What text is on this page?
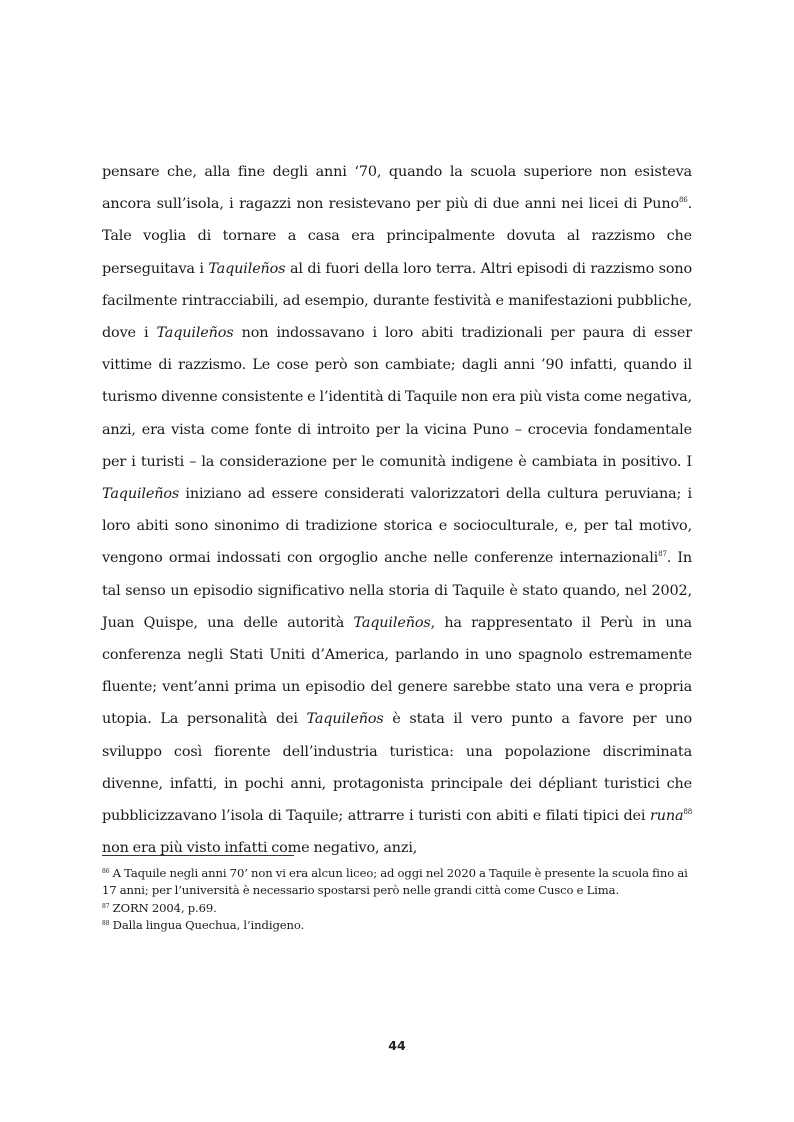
pensare che, alla fine degli anni ‘70, quando la scuola superiore non esisteva ancora sull’isola, i ragazzi non resistevano per più di due anni nei licei di Puno$^{86}$. Tale voglia di tornare a casa era principalmente dovuta al razzismo che perseguitava i Taquileños al di fuori della loro terra. Altri episodi di razzismo sono facilmente rintracciabili, ad esempio, durante festività e manifestazioni pubbliche, dove i Taquileños non indossavano i loro abiti tradizionali per paura di esser vittime di razzismo. Le cose però son cambiate; dagli anni ’90 infatti, quando il turismo divenne consistente e l’identità di Taquile non era più vista come negativa, anzi, era vista come fonte di introito per la vicina Puno – crocevia fondamentale per i turisti – la considerazione per le comunità indigene è cambiata in positivo. I Taquileños iniziano ad essere considerati valorizzatori della cultura peruviana; i loro abiti sono sinonimo di tradizione storica e socioculturale, e, per tal motivo, vengono ormai indossati con orgoglio anche nelle conferenze internazionali$^{87}$. In tal senso un episodio significativo nella storia di Taquile è stato quando, nel 2002, Juan Quispe, una delle autorità Taquileños, ha rappresentato il Perù in una conferenza negli Stati Uniti d’America, parlando in uno spagnolo estremamente fluente; vent’anni prima un episodio del genere sarebbe stato una vera e propria utopia. La personalità dei Taquileños è stata il vero punto a favore per uno sviluppo così fiorente dell’industria turistica: una popolazione discriminata divenne, infatti, in pochi anni, protagonista principale dei dépliant turistici che pubblicizzavano l’isola di Taquile; attrarre i turisti con abiti e filati tipici dei runa$^{88}$ non era più visto infatti come negativo, anzi,

$^{86}$ A Taquile negli anni 70’ non vi era alcun liceo; ad oggi nel 2020 a Taquile è presente la scuola fino ai 17 anni; per l’università è necessario spostarsi però nelle grandi città come Cusco e Lima.

$^{87}$ ZORN 2004, p.69.

$^{88}$ Dalla lingua Quechua, l’indigeno.

44
